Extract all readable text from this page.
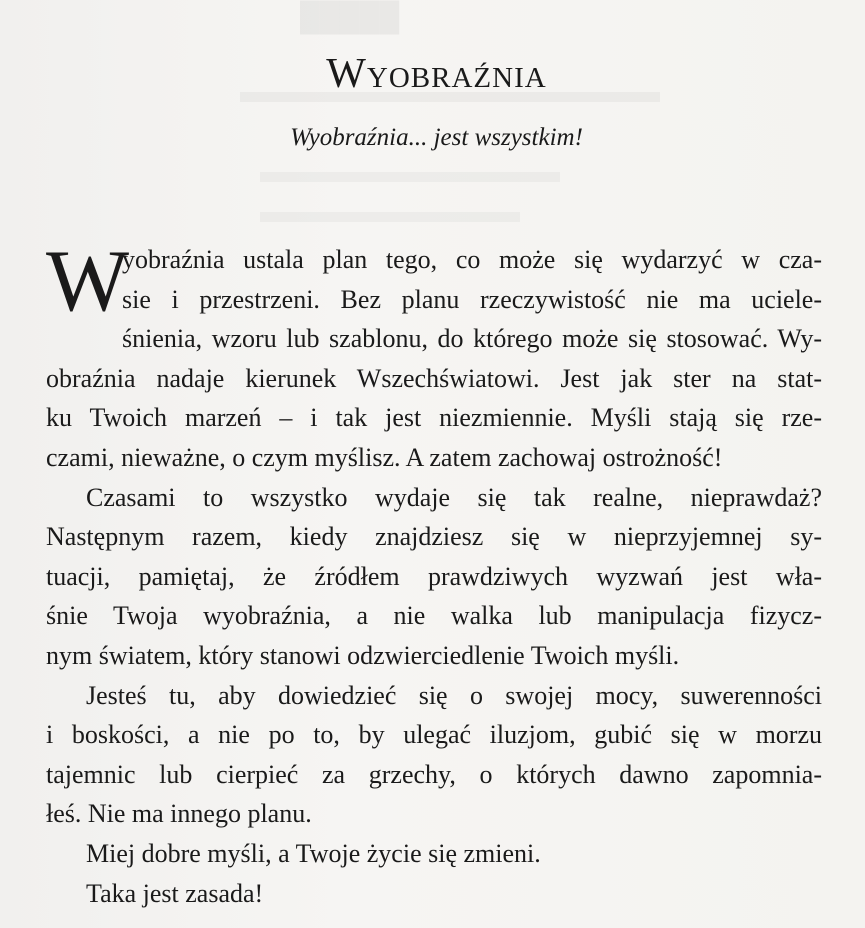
█████
Wyobraźnia
Wyobraźnia... jest wszystkim!
W
yobraźnia ustala plan tego, co może się wydarzyć w cza-
sie i przestrzeni. Bez planu rzeczywistość nie ma uciele-
śnienia, wzoru lub szablonu, do którego może się stosować. Wy-
obraźnia nadaje kierunek Wszechświatowi. Jest jak ster na stat-
ku Twoich marzeń – i tak jest niezmiennie. Myśli stają się rze-
czami, nieważne, o czym myślisz. A zatem zachowaj ostrożność!
Czasami to wszystko wydaje się tak realne, nieprawdaż?
Następnym razem, kiedy znajdziesz się w nieprzyjemnej sy-
tuacji, pamiętaj, że źródłem prawdziwych wyzwań jest wła-
śnie Twoja wyobraźnia, a nie walka lub manipulacja fizycz-
nym światem, który stanowi odzwierciedlenie Twoich myśli.
Jesteś tu, aby dowiedzieć się o swojej mocy, suwerenności
i boskości, a nie po to, by ulegać iluzjom, gubić się w morzu
tajemnic lub cierpieć za grzechy, o których dawno zapomnia-
łeś. Nie ma innego planu.
Miej dobre myśli, a Twoje życie się zmieni.
Taka jest zasada!
